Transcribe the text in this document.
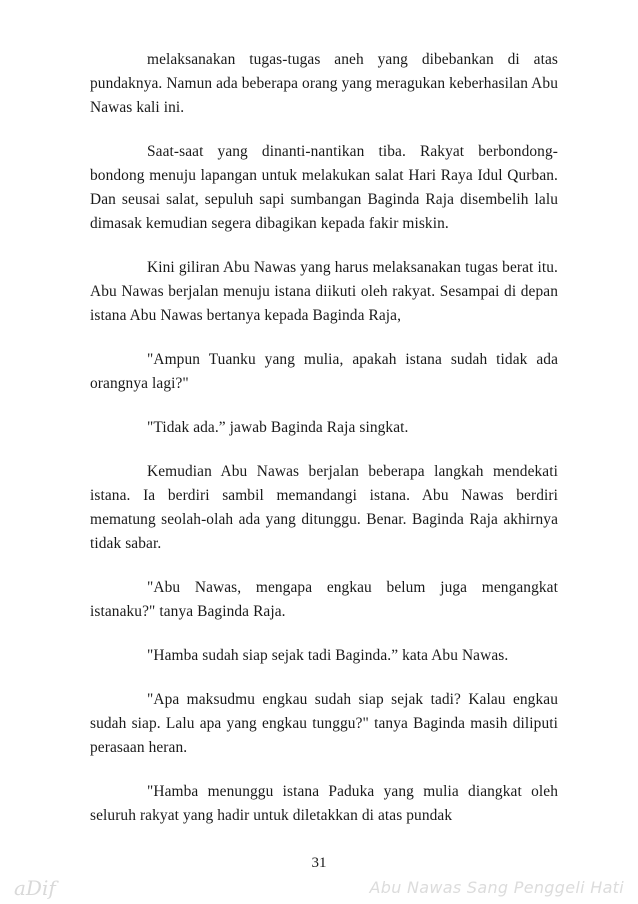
melaksanakan tugas-tugas aneh yang dibebankan di atas pundaknya. Namun ada beberapa orang yang meragukan keberhasilan Abu Nawas kali ini.

Saat-saat yang dinanti-nantikan tiba. Rakyat berbondong-bondong menuju lapangan untuk melakukan salat Hari Raya Idul Qurban. Dan seusai salat, sepuluh sapi sumbangan Baginda Raja disembelih lalu dimasak kemudian segera dibagikan kepada fakir miskin.

Kini giliran Abu Nawas yang harus melaksanakan tugas berat itu. Abu Nawas berjalan menuju istana diikuti oleh rakyat. Sesampai di depan istana Abu Nawas bertanya kepada Baginda Raja,

"Ampun Tuanku yang mulia, apakah istana sudah tidak ada orangnya lagi?"

"Tidak ada.” jawab Baginda Raja singkat.

Kemudian Abu Nawas berjalan beberapa langkah mendekati istana. Ia berdiri sambil memandangi istana. Abu Nawas berdiri mematung seolah-olah ada yang ditunggu. Benar. Baginda Raja akhirnya tidak sabar.

"Abu Nawas, mengapa engkau belum juga mengangkat istanaku?" tanya Baginda Raja.

"Hamba sudah siap sejak tadi Baginda.” kata Abu Nawas.

"Apa maksudmu engkau sudah siap sejak tadi? Kalau engkau sudah siap. Lalu apa yang engkau tunggu?" tanya Baginda masih diliputi perasaan heran.

"Hamba menunggu istana Paduka yang mulia diangkat oleh seluruh rakyat yang hadir untuk diletakkan di atas pundak

31
aDif	Abu Nawas Sang Penggeli Hati
